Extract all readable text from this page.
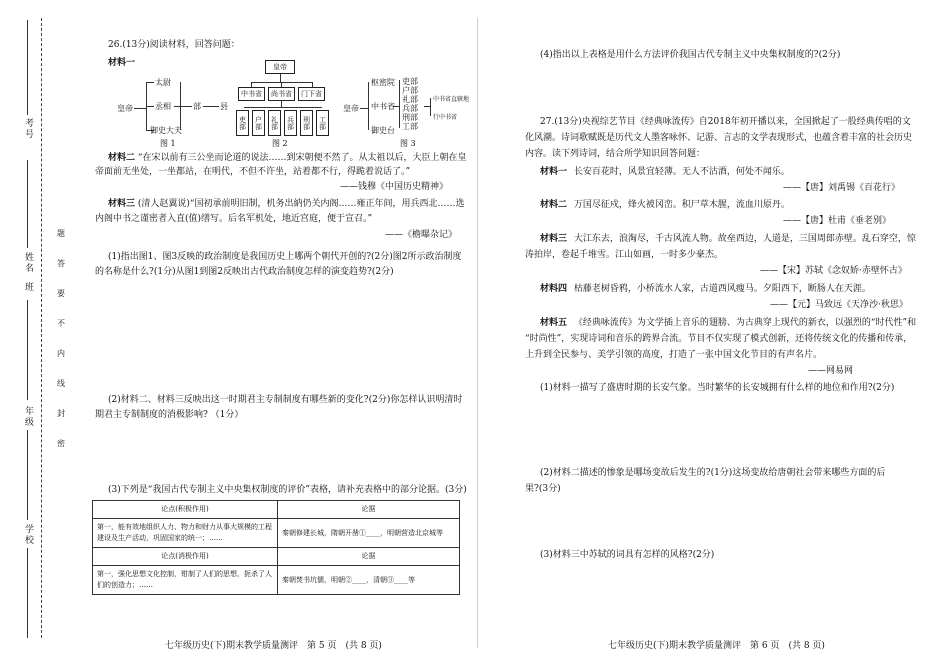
考号
姓名
班
年级
学校
题
答
要
不
内
线
封
密
26.(13分)阅读材料，回答问题：
材料一
皇帝
太尉
丞相
御史大夫
部 县
图 1
皇帝
中书省	尚书省	门下省
吏部	户部	礼部	兵部	刑部	工部
图 2
皇帝
枢密院
中书省
御史台
吏部
户部
礼部
兵部
刑部
工部
中书省直辖地
行中书省
图 3
材料二 “在宋以前有三公坐而论道的说法……到宋朝便不然了。从太祖以后，大臣上朝在皇
帝面前无坐处，一坐都站，在明代，不但不许坐，站着都不行，得跪着说话了。”
——钱穆《中国历史精神》
材料三 (清人赵翼说)“国初承前明旧制，机务出納仍关内阁……雍正年间，用兵西北……选
内阁中书之谨密者入直(值)缮写。后名军机处，地近宫庭，便于宣召。”
——《檐曝杂记》
(1)指出图1、图3反映的政治制度是我国历史上哪两个朝代开创的?(2分)图2所示政治制度
的名称是什么?(1分)从图1到图2反映出古代政治制度怎样的演变趋势?(2分)
(2)材料二、材料三反映出这一时期君主专制制度有哪些新的变化?(2分)你怎样认识明清时
期君主专制制度的消极影响? （1分）
(3)下列是“我国古代专制主义中央集权制度的评价”表格，请补充表格中的部分论据。(3分)
论点(积极作用)	论据
第一，能有效地组织人力、物力和财力从事大规模的工程建设及生产活动，巩固国家的统一；……	秦朝修建长城，隋朝开凿①____，明朝营造北京城等
论点(消极作用)	论据
第一，强化思想文化控制，钳制了人们的思想，扼杀了人们的创造力；……	秦朝焚书坑儒，明朝②____，清朝③____等
七年级历史(下)期末教学质量测评　第 5 页　(共 8 页)
(4)指出以上表格是用什么方法评价我国古代专制主义中央集权制度的?(2分)
27.(13分)央视综艺节目《经典咏流传》自2018年初开播以来，全国掀起了一股经典传唱的文
化风潮。诗词歌赋既是历代文人墨客咏怀、记游、言志的文学表现形式，也蕴含着丰富的社会历史
内容。读下列诗词，结合所学知识回答问题：
材料一 长安百花时，风景宜轻薄。无人不沽酒，何处不闻乐。
——【唐】刘禹锡《百花行》
材料二 万国尽征戍，烽火被冈峦。积尸草木腥，流血川原丹。
——【唐】杜甫《垂老别》
材料三 大江东去，浪淘尽，千古风流人物。故垒西边，人道是，三国周郎赤壁。乱石穿空，惊
涛拍岸，卷起千堆雪。江山如画，一时多少豪杰。
——【宋】苏轼《念奴娇·赤壁怀古》
材料四 枯藤老树昏鸦，小桥流水人家，古道西风瘦马。夕阳西下，断肠人在天涯。
——【元】马致远《天净沙·秋思》
材料五 《经典咏流传》为文学插上音乐的翅膀、为古典穿上现代的新衣，以强烈的“时代性”和
“时尚性”，实现诗词和音乐的跨界合流。节目不仅实现了模式创新，还将传统文化的传播和传承，
上升到全民参与、美学引领的高度，打造了一张中国文化节目的有声名片。
——网易网
(1)材料一描写了盛唐时期的长安气象。当时繁华的长安城拥有什么样的地位和作用?(2分)
(2)材料二描述的惨象是哪场变故后发生的?(1分)这场变故给唐朝社会带来哪些方面的后
果?(3分)
(3)材料三中苏轼的词具有怎样的风格?(2分)
七年级历史(下)期末教学质量测评　第 6 页　(共 8 页)
